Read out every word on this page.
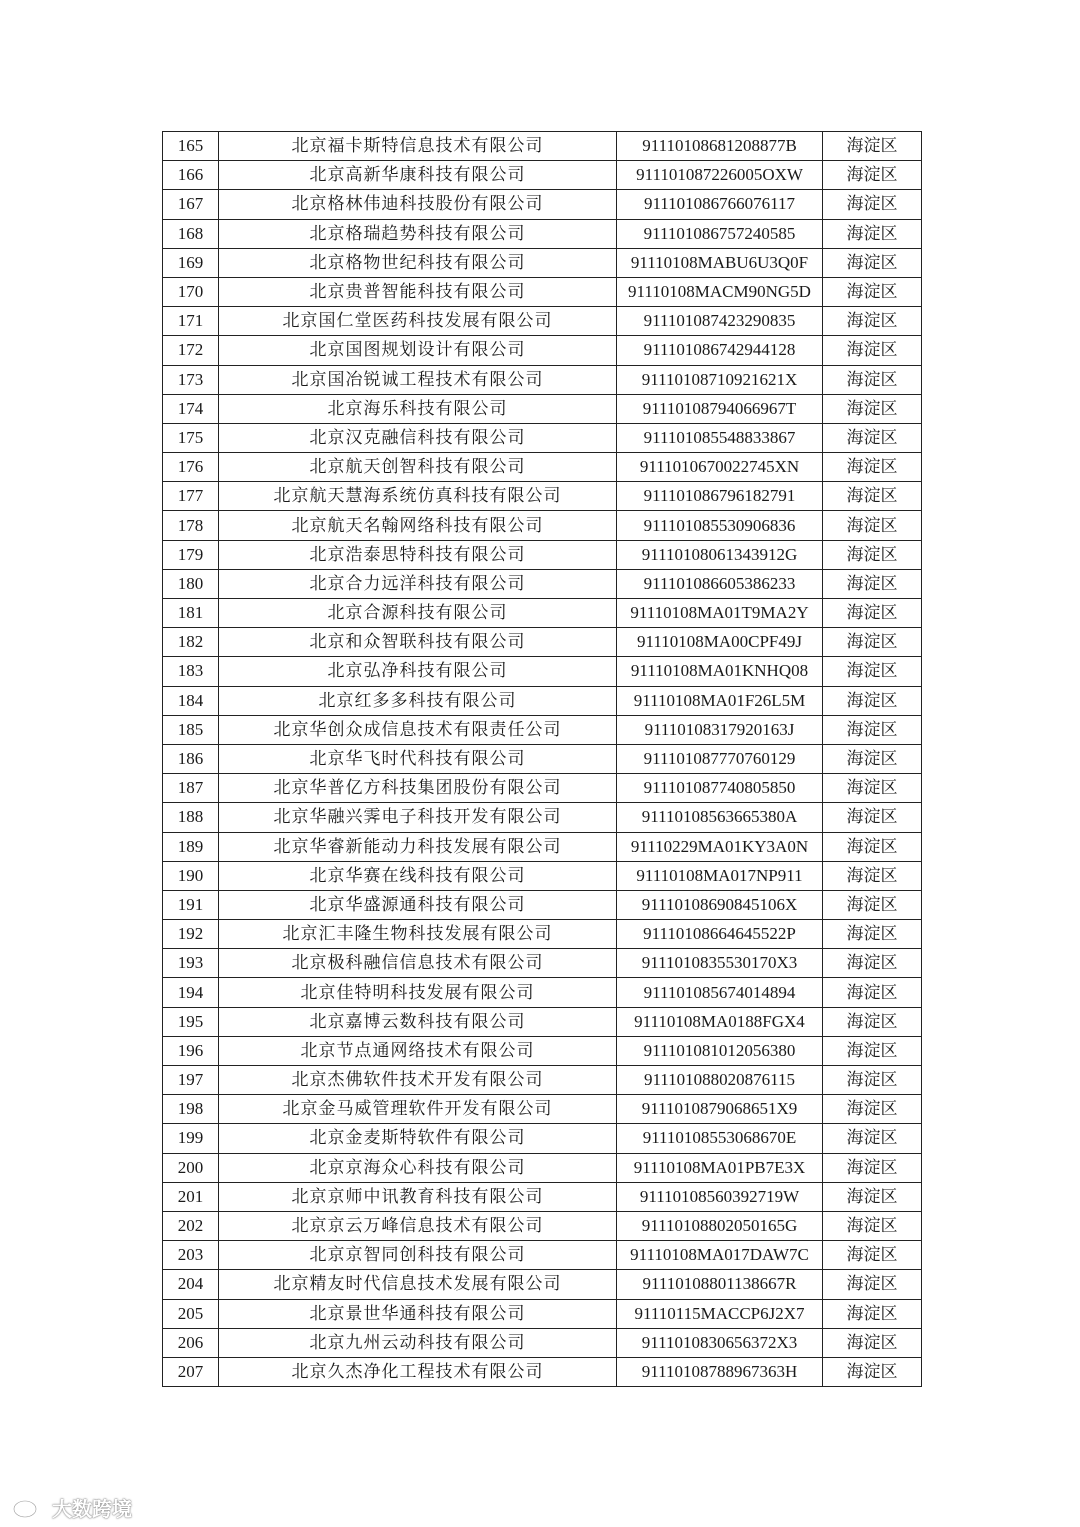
165	北京福卡斯特信息技术有限公司	91110108681208877B	海淀区
166	北京高新华康科技有限公司	911101087226005OXW	海淀区
167	北京格林伟迪科技股份有限公司	911101086766076117	海淀区
168	北京格瑞趋势科技有限公司	911101086757240585	海淀区
169	北京格物世纪科技有限公司	91110108MABU6U3Q0F	海淀区
170	北京贵普智能科技有限公司	91110108MACM90NG5D	海淀区
171	北京国仁堂医药科技发展有限公司	911101087423290835	海淀区
172	北京国图规划设计有限公司	911101086742944128	海淀区
173	北京国冶锐诚工程技术有限公司	91110108710921621X	海淀区
174	北京海乐科技有限公司	91110108794066967T	海淀区
175	北京汉克融信科技有限公司	911101085548833867	海淀区
176	北京航天创智科技有限公司	9111010670022745XN	海淀区
177	北京航天慧海系统仿真科技有限公司	911101086796182791	海淀区
178	北京航天名翰网络科技有限公司	911101085530906836	海淀区
179	北京浩泰思特科技有限公司	91110108061343912G	海淀区
180	北京合力远洋科技有限公司	911101086605386233	海淀区
181	北京合源科技有限公司	91110108MA01T9MA2Y	海淀区
182	北京和众智联科技有限公司	91110108MA00CPF49J	海淀区
183	北京弘净科技有限公司	91110108MA01KNHQ08	海淀区
184	北京红多多科技有限公司	91110108MA01F26L5M	海淀区
185	北京华创众成信息技术有限责任公司	91110108317920163J	海淀区
186	北京华飞时代科技有限公司	911101087770760129	海淀区
187	北京华普亿方科技集团股份有限公司	911101087740805850	海淀区
188	北京华融兴霁电子科技开发有限公司	91110108563665380A	海淀区
189	北京华睿新能动力科技发展有限公司	91110229MA01KY3A0N	海淀区
190	北京华赛在线科技有限公司	91110108MA017NP911	海淀区
191	北京华盛源通科技有限公司	91110108690845106X	海淀区
192	北京汇丰隆生物科技发展有限公司	91110108664645522P	海淀区
193	北京极科融信信息技术有限公司	9111010835530170X3	海淀区
194	北京佳特明科技发展有限公司	911101085674014894	海淀区
195	北京嘉博云数科技有限公司	91110108MA0188FGX4	海淀区
196	北京节点通网络技术有限公司	911101081012056380	海淀区
197	北京杰佛软件技术开发有限公司	911101088020876115	海淀区
198	北京金马威管理软件开发有限公司	9111010879068651X9	海淀区
199	北京金麦斯特软件有限公司	91110108553068670E	海淀区
200	北京京海众心科技有限公司	91110108MA01PB7E3X	海淀区
201	北京京师中讯教育科技有限公司	91110108560392719W	海淀区
202	北京京云万峰信息技术有限公司	91110108802050165G	海淀区
203	北京京智同创科技有限公司	91110108MA017DAW7C	海淀区
204	北京精友时代信息技术发展有限公司	91110108801138667R	海淀区
205	北京景世华通科技有限公司	91110115MACCP6J2X7	海淀区
206	北京九州云动科技有限公司	9111010830656372X3	海淀区
207	北京久杰净化工程技术有限公司	91110108788967363H	海淀区
大数跨境
